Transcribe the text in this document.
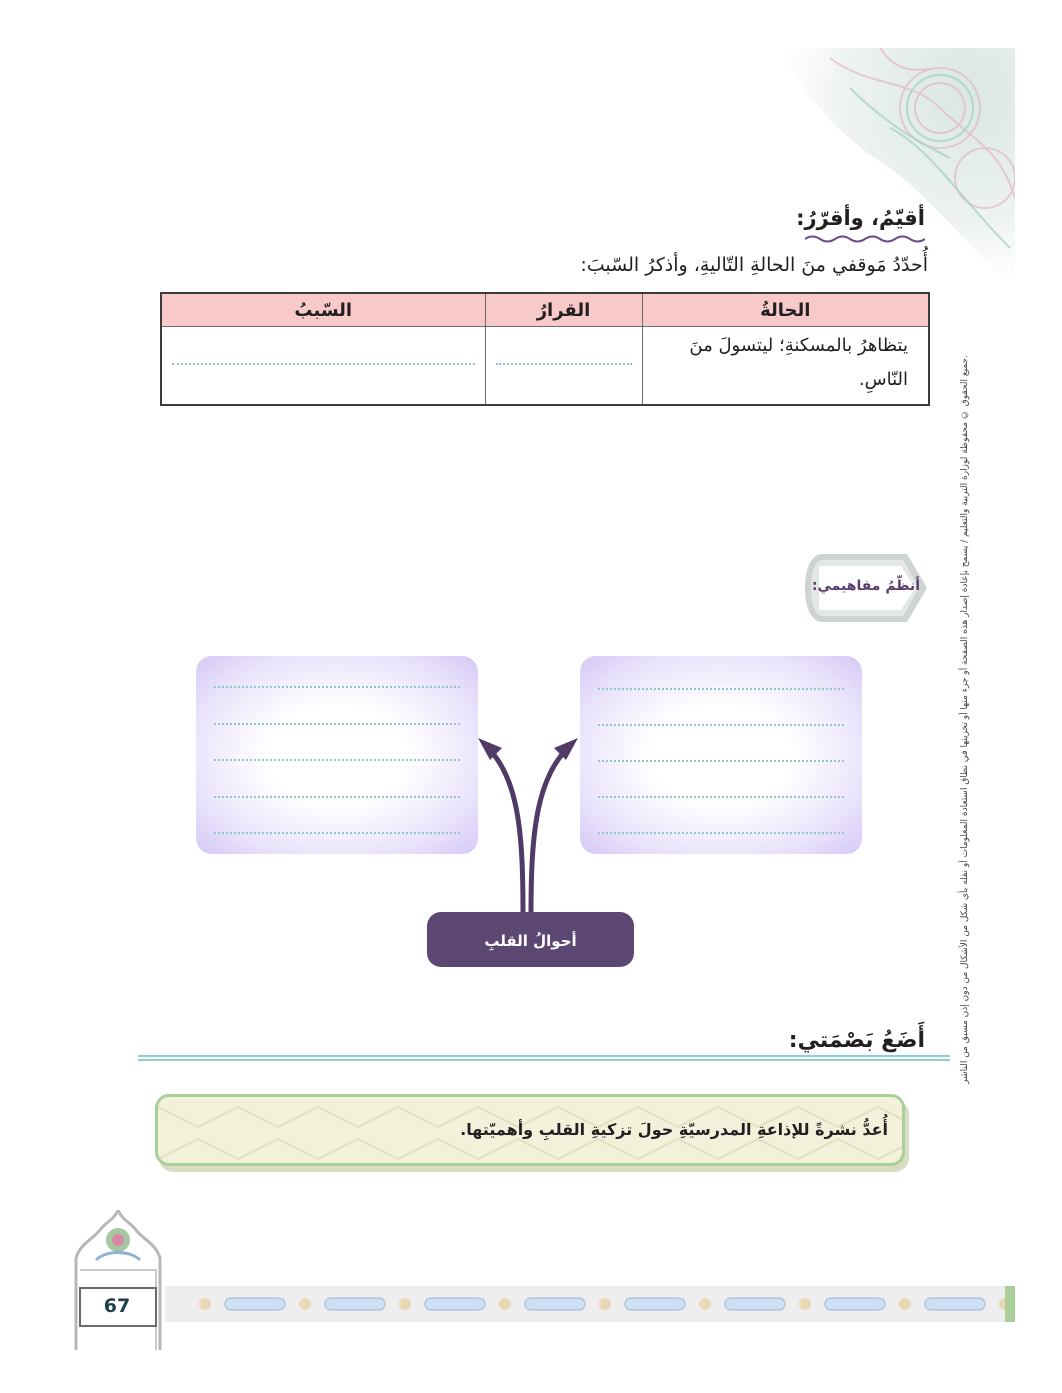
أقيّمُ، وأقرّرُ:
أُحدّدُ مَوقفي منَ الحالةِ التّاليةِ، وأذكرُ السّببَ:
الحالةُ	القرارُ	السّببُ
يتظاهرُ بالمسكنةِ؛ ليتسولَ منَ النّاسِ.	
		جميع الحقوق © محفوظة لوزارة التربية والتعليم / يسمح بإعادة إصدار هذه الصفحة أو جزء منها أو تخزينها في نطاق استعادة المعلومات أو نقله بأي شكل من الأشكال من دون إذن مسبق من الناشر.
أنظّمُ مفاهيمي:
أحوالُ القلبِ
أَضَعُ بَصْمَتي:
أُعدُّ نشرةً للإذاعةِ المدرسيّةِ حولَ تزكيةِ القلبِ وأهميّتها.
67
